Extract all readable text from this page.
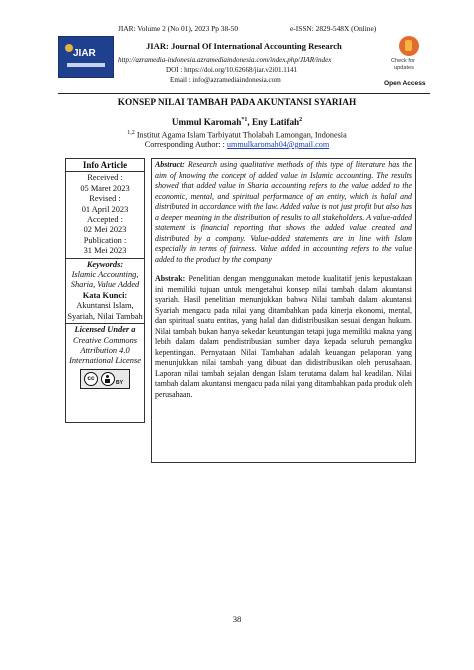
JIAR: Volume 2 (No 01), 2023 Pp 38-50	e-ISSN: 2829-548X (Online)
JIAR
JIAR: Journal Of International Accounting Research
http://azramedia-indonesia.azramediaindonesia.com/index.php/JIAR/index
DOI : https://doi.org/10.62668/jiar.v2i01.1141
Email : info@azramediaindonesia.com
Check for
updates
Open Access
KONSEP NILAI TAMBAH PADA AKUNTANSI SYARIAH
Ummul Karomah$^{*1}$, Eny Latifah$^2$
$^{1,2}$ Institut Agama Islam Tarbiyatut Tholabah Lamongan, Indonesia
Corresponding Author: : ummulkaromah04@gmail.com
Info Article
Received :
05 Maret 2023
Revised :
01 April 2023
Accepted :
02 Mei 2023
Publication :
31 Mei 2023
Keywords:
Islamic Accounting, Sharia, Value Added
Kata Kunci:
Akuntansi Islam, Syariah, Nilai Tambah
Licensed Under a
Creative Commons Attribution 4.0 International License
cc
BY
Abstract: Research using qualitative methods of this type of literature has the aim of knowing the concept of added value in Islamic accounting. The results showed that added value in Sharia accounting refers to the value added to the economic, mental, and spiritual performance of an entity, which is halal and distributed in accordance with the law. Added value is not just profit but also has a deeper meaning in the distribution of results to all stakeholders. A value-added statement is financial reporting that shows the added value created and distributed by a company. Value-added statements are in line with Islam especially in terms of fairness. Value added in accounting refers to the value added to the product by the company
Abstrak: Penelitian dengan menggunakan metode kualitatif jenis kepustakaan ini memiliki tujuan untuk mengetahui konsep nilai tambah dalam akuntansi syariah. Hasil penelitian menunjukkan bahwa Nilai tambah dalam akuntansi Syariah mengacu pada nilai yang ditambahkan pada kinerja ekonomi, mental, dan spiritual suatu entitas, yang halal dan didistribusikan sesuai dengan hukum. Nilai tambah bukan hanya sekedar keuntungan tetapi juga memiliki makna yang lebih dalam dalam pendistribusian sumber daya kepada seluruh pemangku kepentingan. Pernyataan Nilai Tambahan adalah keuangan pelaporan yang menunjukkan nilai tambah yang dibuat dan didistribusikan oleh perusahaan. Laporan nilai tambah sejalan dengan Islam terutama dalam hal keadilan. Nilai tambah dalam akuntansi mengacu pada nilai yang ditambahkan pada produk oleh perusahaan.
38
